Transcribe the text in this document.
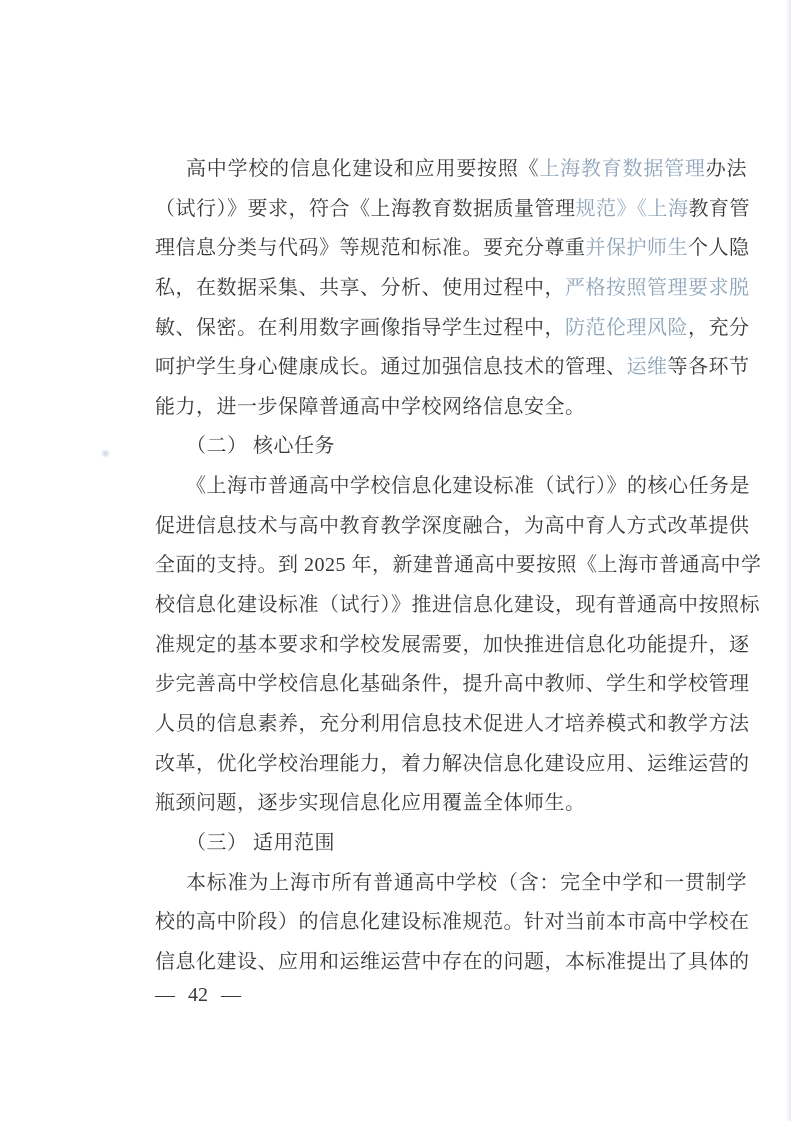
高中学校的信息化建设和应用要按照《上海教育数据管理办法
（试行）》要求，符合《上海教育数据质量管理规范》《上海教育管
理信息分类与代码》等规范和标准。要充分尊重并保护师生个人隐
私，在数据采集、共享、分析、使用过程中，严格按照管理要求脱
敏、保密。在利用数字画像指导学生过程中，防范伦理风险，充分
呵护学生身心健康成长。通过加强信息技术的管理、运维等各环节
能力，进一步保障普通高中学校网络信息安全。
（二） 核心任务
《上海市普通高中学校信息化建设标准（试行）》的核心任务是
促进信息技术与高中教育教学深度融合，为高中育人方式改革提供
全面的支持。到 2025 年，新建普通高中要按照《上海市普通高中学
校信息化建设标准（试行）》推进信息化建设，现有普通高中按照标
准规定的基本要求和学校发展需要，加快推进信息化功能提升，逐
步完善高中学校信息化基础条件，提升高中教师、学生和学校管理
人员的信息素养，充分利用信息技术促进人才培养模式和教学方法
改革，优化学校治理能力，着力解决信息化建设应用、运维运营的
瓶颈问题，逐步实现信息化应用覆盖全体师生。
（三） 适用范围
本标准为上海市所有普通高中学校（含：完全中学和一贯制学
校的高中阶段）的信息化建设标准规范。针对当前本市高中学校在
信息化建设、应用和运维运营中存在的问题，本标准提出了具体的
— 42 —
